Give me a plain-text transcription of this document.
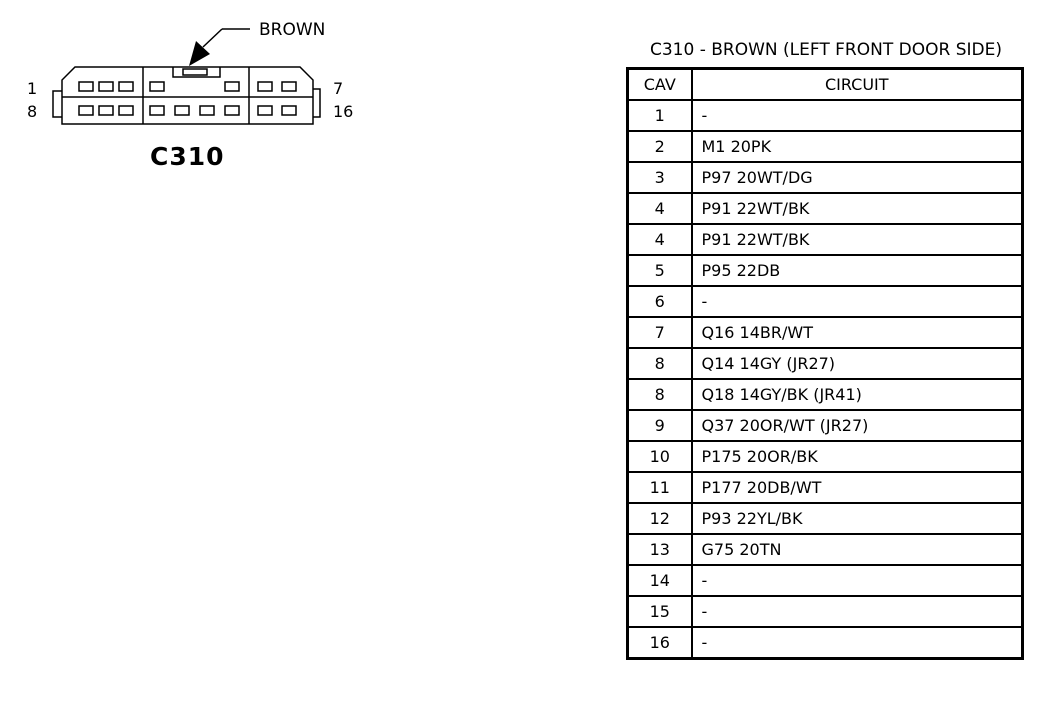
BROWN
1
8
7
16
C310
C310 - BROWN (LEFT FRONT DOOR SIDE)
CAV	CIRCUIT
1	-
2	M1 20PK
3	P97 20WT/DG
4	P91 22WT/BK
4	P91 22WT/BK
5	P95 22DB
6	-
7	Q16 14BR/WT
8	Q14 14GY (JR27)
8	Q18 14GY/BK (JR41)
9	Q37 20OR/WT (JR27)
10	P175 20OR/BK
11	P177 20DB/WT
12	P93 22YL/BK
13	G75 20TN
14	-
15	-
16	-
